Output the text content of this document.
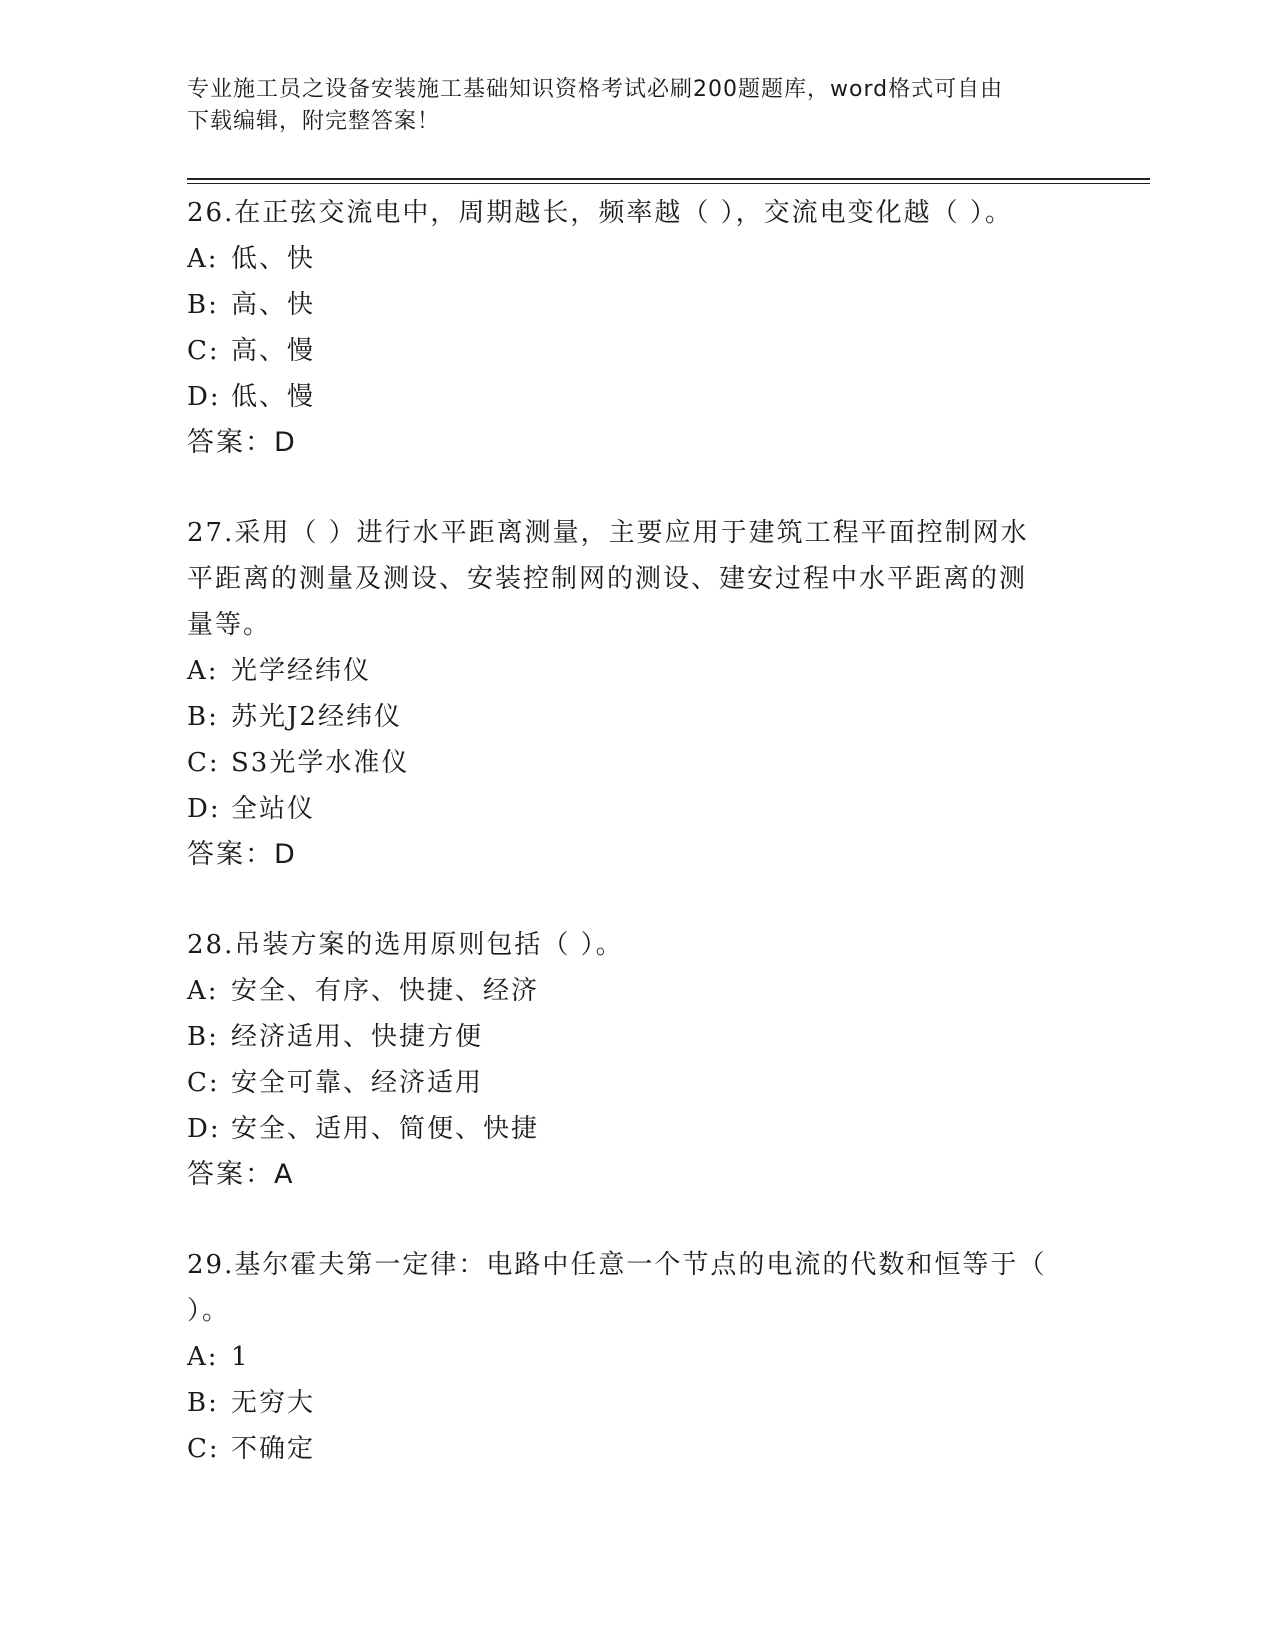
专业施工员之设备安装施工基础知识资格考试必刷200题题库，word格式可自由
下载编辑，附完整答案！

26.在正弦交流电中，周期越长，频率越（ ），交流电变化越（ ）。

A: 低、快

B: 高、快

C: 高、慢

D: 低、慢

答案：D

27.采用（ ）进行水平距离测量，主要应用于建筑工程平面控制网水

平距离的测量及测设、安装控制网的测设、建安过程中水平距离的测

量等。

A: 光学经纬仪

B: 苏光J2经纬仪

C: S3光学水准仪

D: 全站仪

答案：D

28.吊装方案的选用原则包括（ ）。

A: 安全、有序、快捷、经济

B: 经济适用、快捷方便

C: 安全可靠、经济适用

D: 安全、适用、简便、快捷

答案：A

29.基尔霍夫第一定律：电路中任意一个节点的电流的代数和恒等于（

）。

A: 1

B: 无穷大

C: 不确定
